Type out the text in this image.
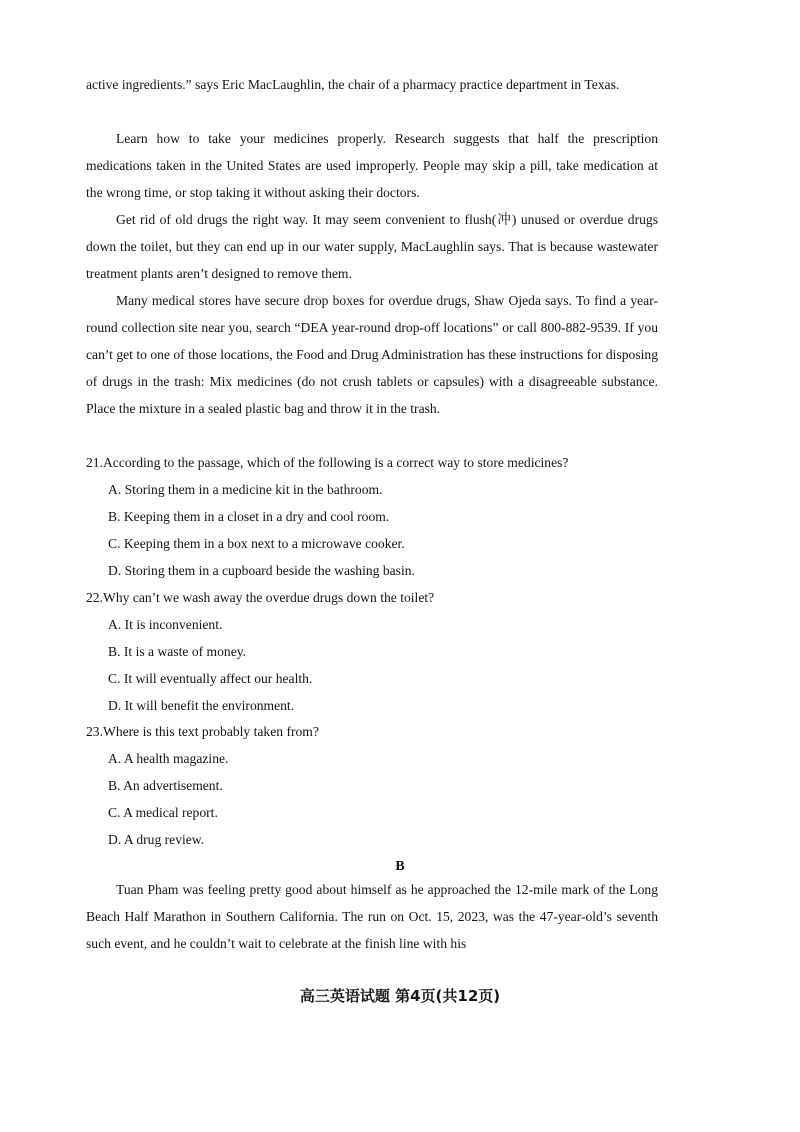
active ingredients.” says Eric MacLaughlin, the chair of a pharmacy practice department in Texas.

Learn how to take your medicines properly. Research suggests that half the prescription medications taken in the United States are used improperly. People may skip a pill, take medication at the wrong time, or stop taking it without asking their doctors.

Get rid of old drugs the right way. It may seem convenient to flush(冲) unused or overdue drugs down the toilet, but they can end up in our water supply, MacLaughlin says. That is because wastewater treatment plants aren’t designed to remove them.

Many medical stores have secure drop boxes for overdue drugs, Shaw Ojeda says. To find a year-round collection site near you, search “DEA year-round drop-off locations” or call 800-882-9539. If you can’t get to one of those locations, the Food and Drug Administration has these instructions for disposing of drugs in the trash: Mix medicines (do not crush tablets or capsules) with a disagreeable substance. Place the mixture in a sealed plastic bag and throw it in the trash.

21.According to the passage, which of the following is a correct way to store medicines?

A. Storing them in a medicine kit in the bathroom.

B. Keeping them in a closet in a dry and cool room.

C. Keeping them in a box next to a microwave cooker.

D. Storing them in a cupboard beside the washing basin.

22.Why can’t we wash away the overdue drugs down the toilet?

A. It is inconvenient.

B. It is a waste of money.

C. It will eventually affect our health.

D. It will benefit the environment.

23.Where is this text probably taken from?

A. A health magazine.

B. An advertisement.

C. A medical report.

D. A drug review.

B

Tuan Pham was feeling pretty good about himself as he approached the 12-mile mark of the Long Beach Half Marathon in Southern California. The run on Oct. 15, 2023, was the 47-year-old’s seventh such event, and he couldn’t wait to celebrate at the finish line with his

高三英语试题 第4页(共12页)
